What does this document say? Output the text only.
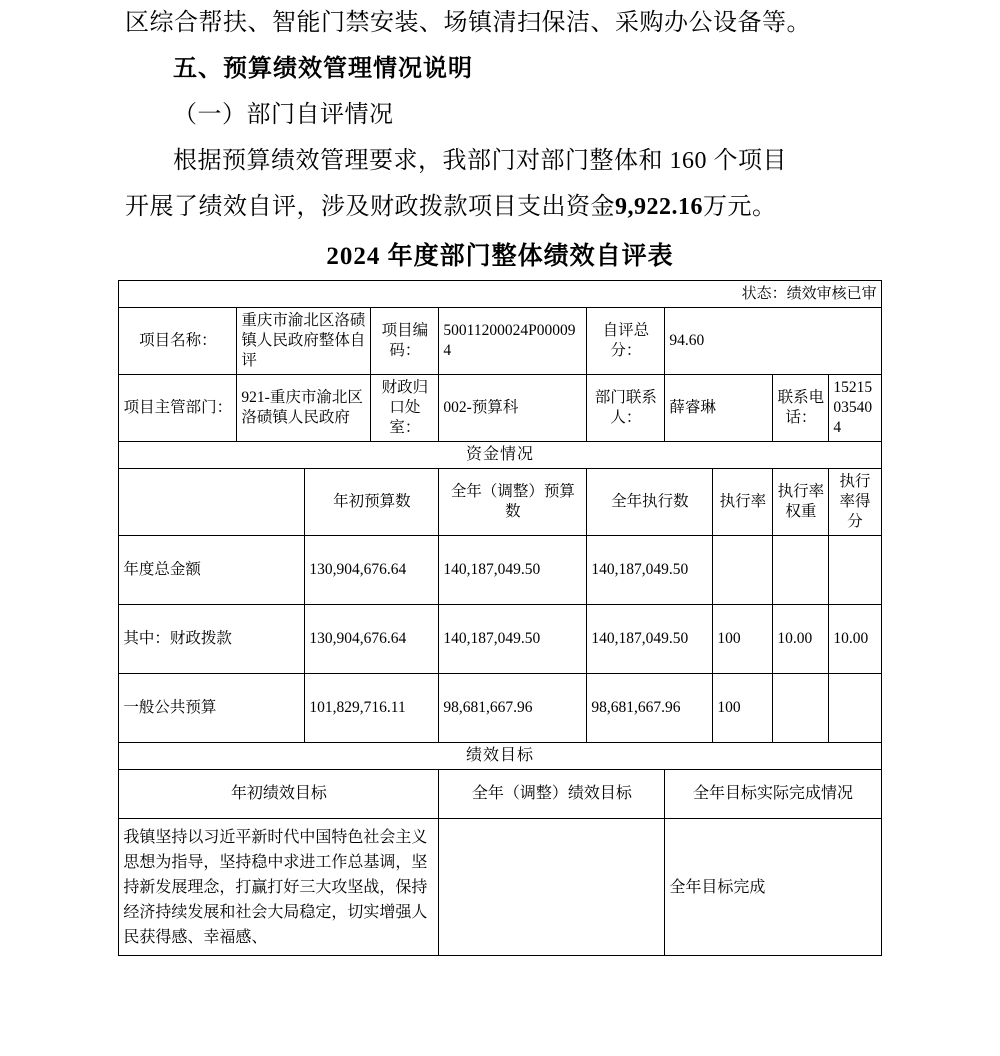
区综合帮扶、智能门禁安装、场镇清扫保洁、采购办公设备等。

五、预算绩效管理情况说明

（一）部门自评情况

根据预算绩效管理要求，我部门对部门整体和 160 个项目

开展了绩效自评，涉及财政拨款项目支出资金9,922.16万元。

2024 年度部门整体绩效自评表
状态：绩效审核已审									
项目名称：	重庆市渝北区洛碛镇人民政府整体自评		项目编码：	50011200024P000094	自评总分：	94.60			
项目主管部门：	921-重庆市渝北区洛碛镇人民政府		财政归口处室：	002-预算科	部门联系人：	薛睿琳		联系电话：	15215035404
资金情况									
		年初预算数		全年（调整）预算数	全年执行数		执行率	执行率权重	执行率得分
年度总金额		130,904,676.64		140,187,049.50	140,187,049.50				
其中：财政拨款		130,904,676.64		140,187,049.50	140,187,049.50		100	10.00	10.00
一般公共预算		101,829,716.11		98,681,667.96	98,681,667.96		100		
绩效目标									
年初绩效目标				全年（调整）绩效目标		全年目标实际完成情况			
我镇坚持以习近平新时代中国特色社会主义思想为指导，坚持稳中求进工作总基调，坚持新发展理念，打赢打好三大攻坚战，保持经济持续发展和社会大局稳定，切实增强人民获得感、幸福感、						全年目标完成			
